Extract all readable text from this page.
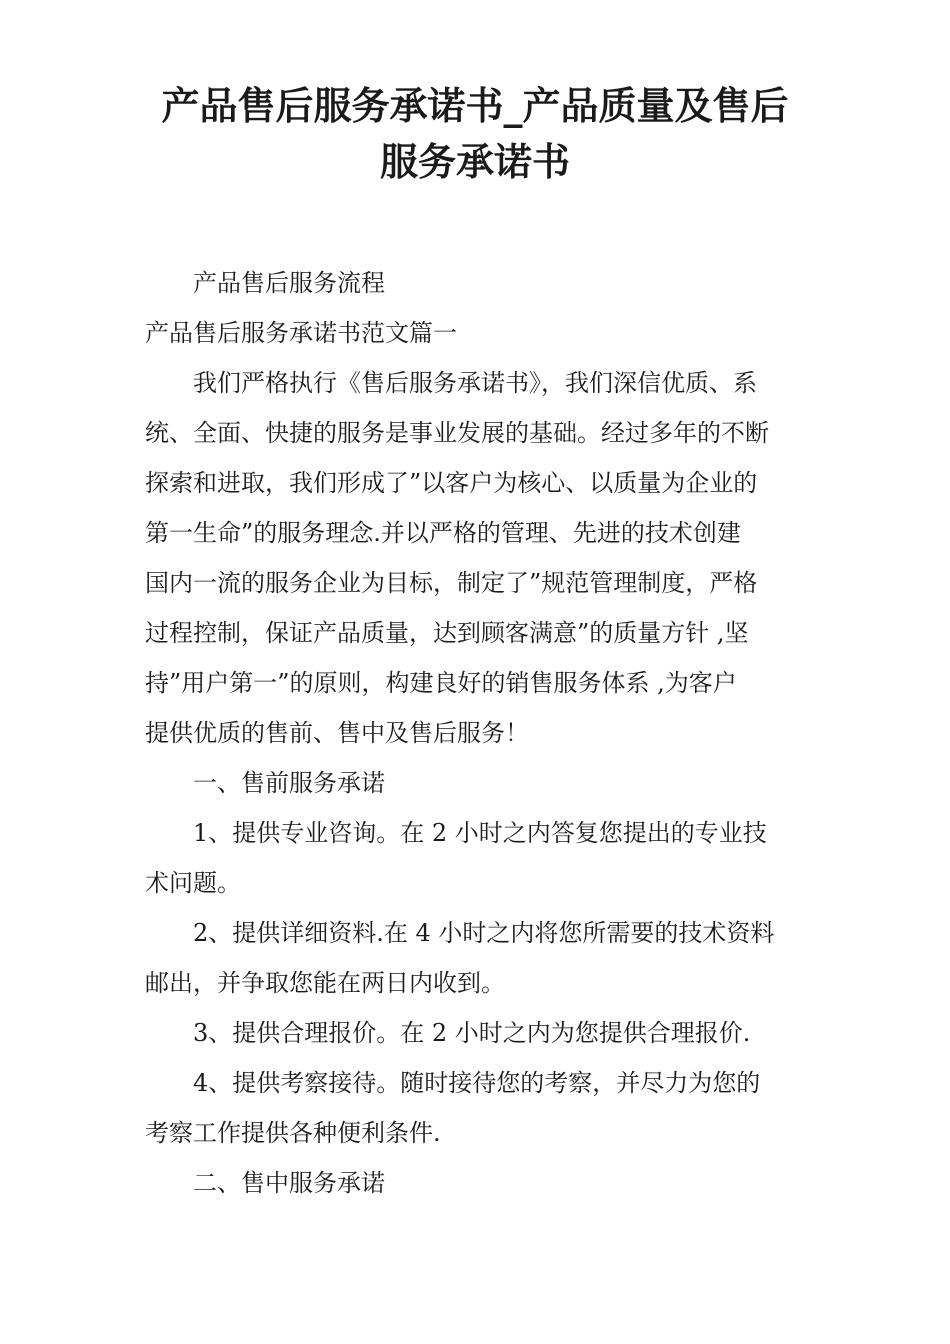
产品售后服务承诺书_产品质量及售后
服务承诺书

产品售后服务流程

产品售后服务承诺书范文篇一

我们严格执行《售后服务承诺书》，我们深信优质、系

统、全面、快捷的服务是事业发展的基础。经过多年的不断

探索和进取，我们形成了”以客户为核心、以质量为企业的

第一生命”的服务理念.并以严格的管理、先进的技术创建

国内一流的服务企业为目标，制定了”规范管理制度，严格

过程控制，保证产品质量，达到顾客满意”的质量方针 ,坚

持”用户第一”的原则，构建良好的销售服务体系 ,为客户

提供优质的售前、售中及售后服务！

一、售前服务承诺

1、提供专业咨询。在 2 小时之内答复您提出的专业技

术问题。

2、提供详细资料.在 4 小时之内将您所需要的技术资料

邮出，并争取您能在两日内收到。

3、提供合理报价。在 2 小时之内为您提供合理报价.

4、提供考察接待。随时接待您的考察，并尽力为您的

考察工作提供各种便利条件.

二、售中服务承诺
